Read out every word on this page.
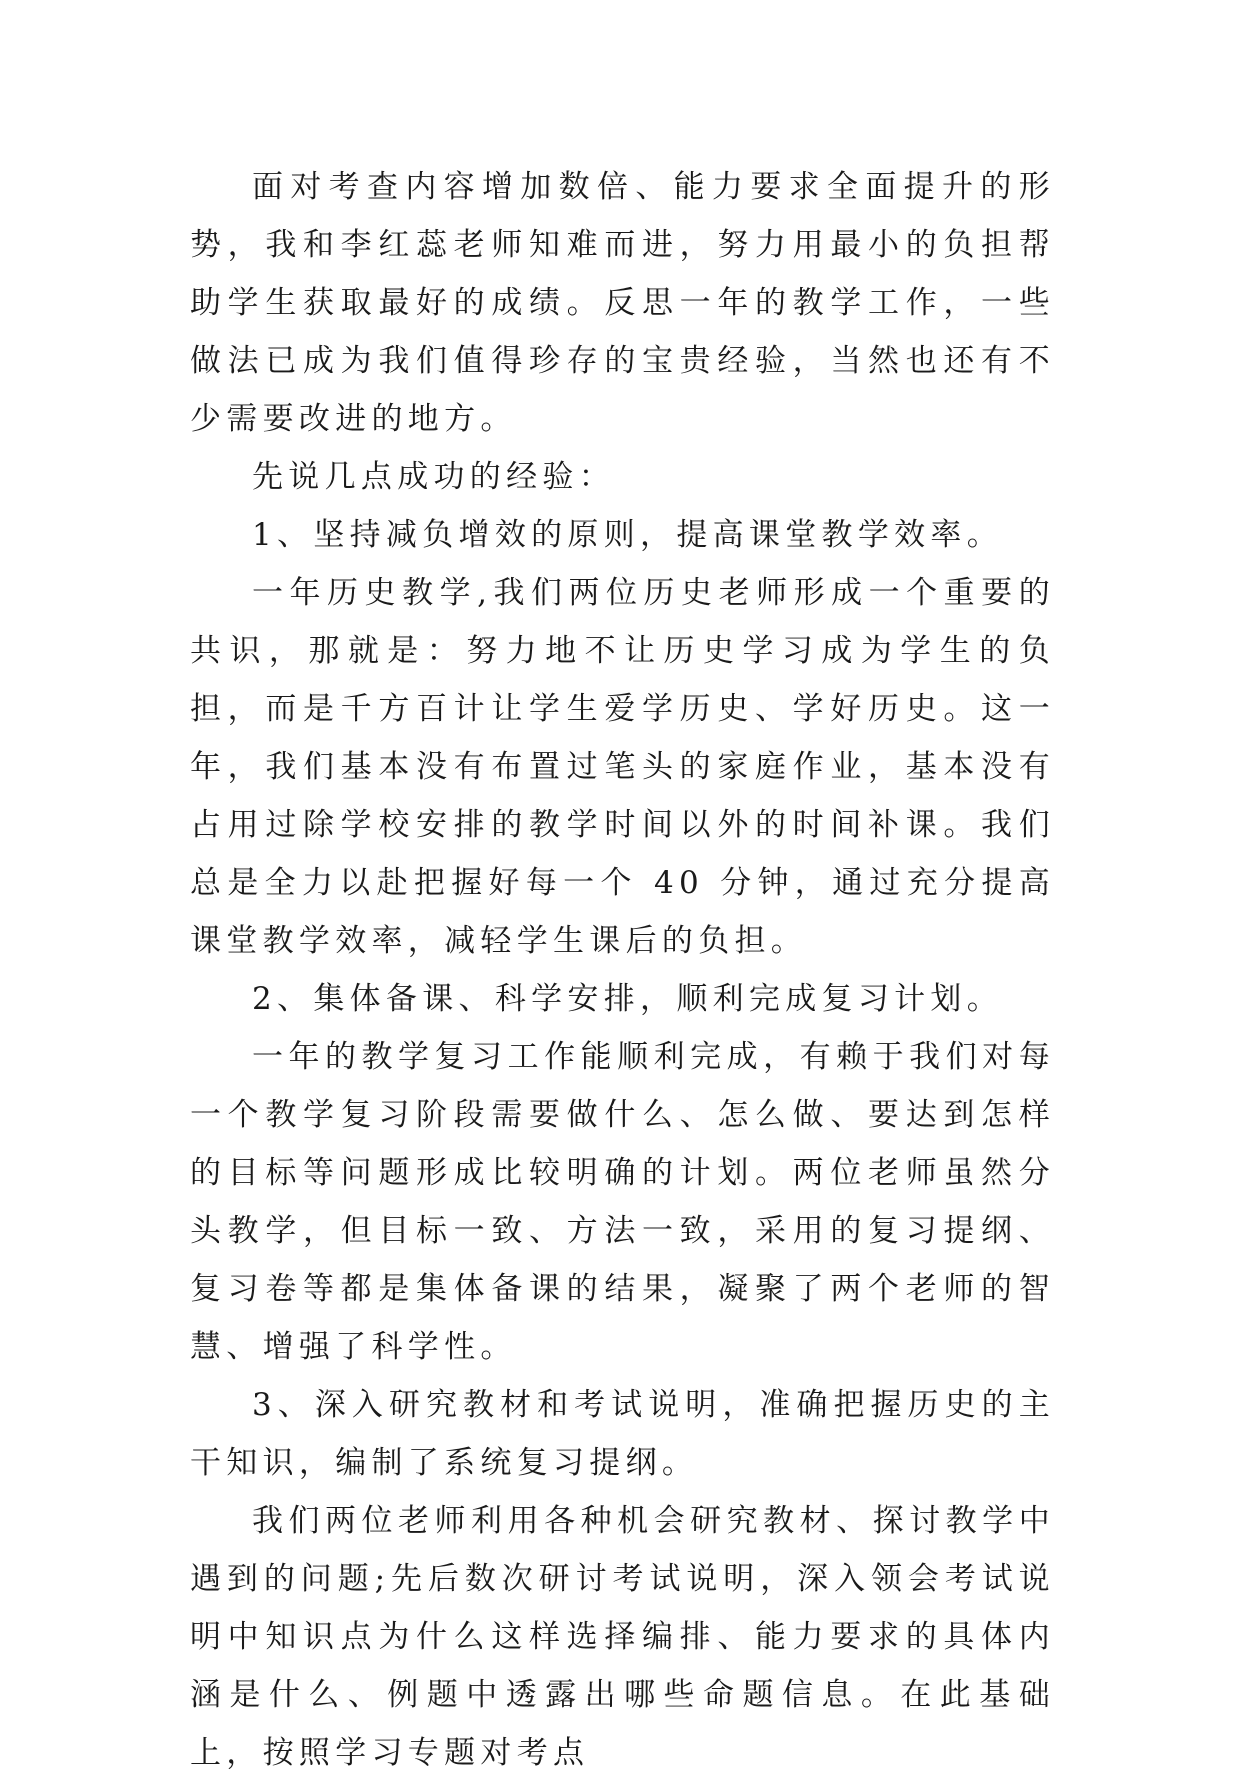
面对考查内容增加数倍、能力要求全面提升的形势，我和李红蕊老师知难而进，努力用最小的负担帮助学生获取最好的成绩。反思一年的教学工作，一些做法已成为我们值得珍存的宝贵经验，当然也还有不少需要改进的地方。

先说几点成功的经验：

1、坚持减负增效的原则，提高课堂教学效率。

一年历史教学,我们两位历史老师形成一个重要的共识，那就是：努力地不让历史学习成为学生的负担，而是千方百计让学生爱学历史、学好历史。这一年，我们基本没有布置过笔头的家庭作业，基本没有占用过除学校安排的教学时间以外的时间补课。我们总是全力以赴把握好每一个 40 分钟，通过充分提高课堂教学效率，减轻学生课后的负担。

2、集体备课、科学安排，顺利完成复习计划。

一年的教学复习工作能顺利完成，有赖于我们对每一个教学复习阶段需要做什么、怎么做、要达到怎样的目标等问题形成比较明确的计划。两位老师虽然分头教学，但目标一致、方法一致，采用的复习提纲、复习卷等都是集体备课的结果，凝聚了两个老师的智慧、增强了科学性。

3、深入研究教材和考试说明，准确把握历史的主干知识，编制了系统复习提纲。

我们两位老师利用各种机会研究教材、探讨教学中遇到的问题;先后数次研讨考试说明，深入领会考试说明中知识点为什么这样选择编排、能力要求的具体内涵是什么、例题中透露出哪些命题信息。在此基础上，按照学习专题对考点
